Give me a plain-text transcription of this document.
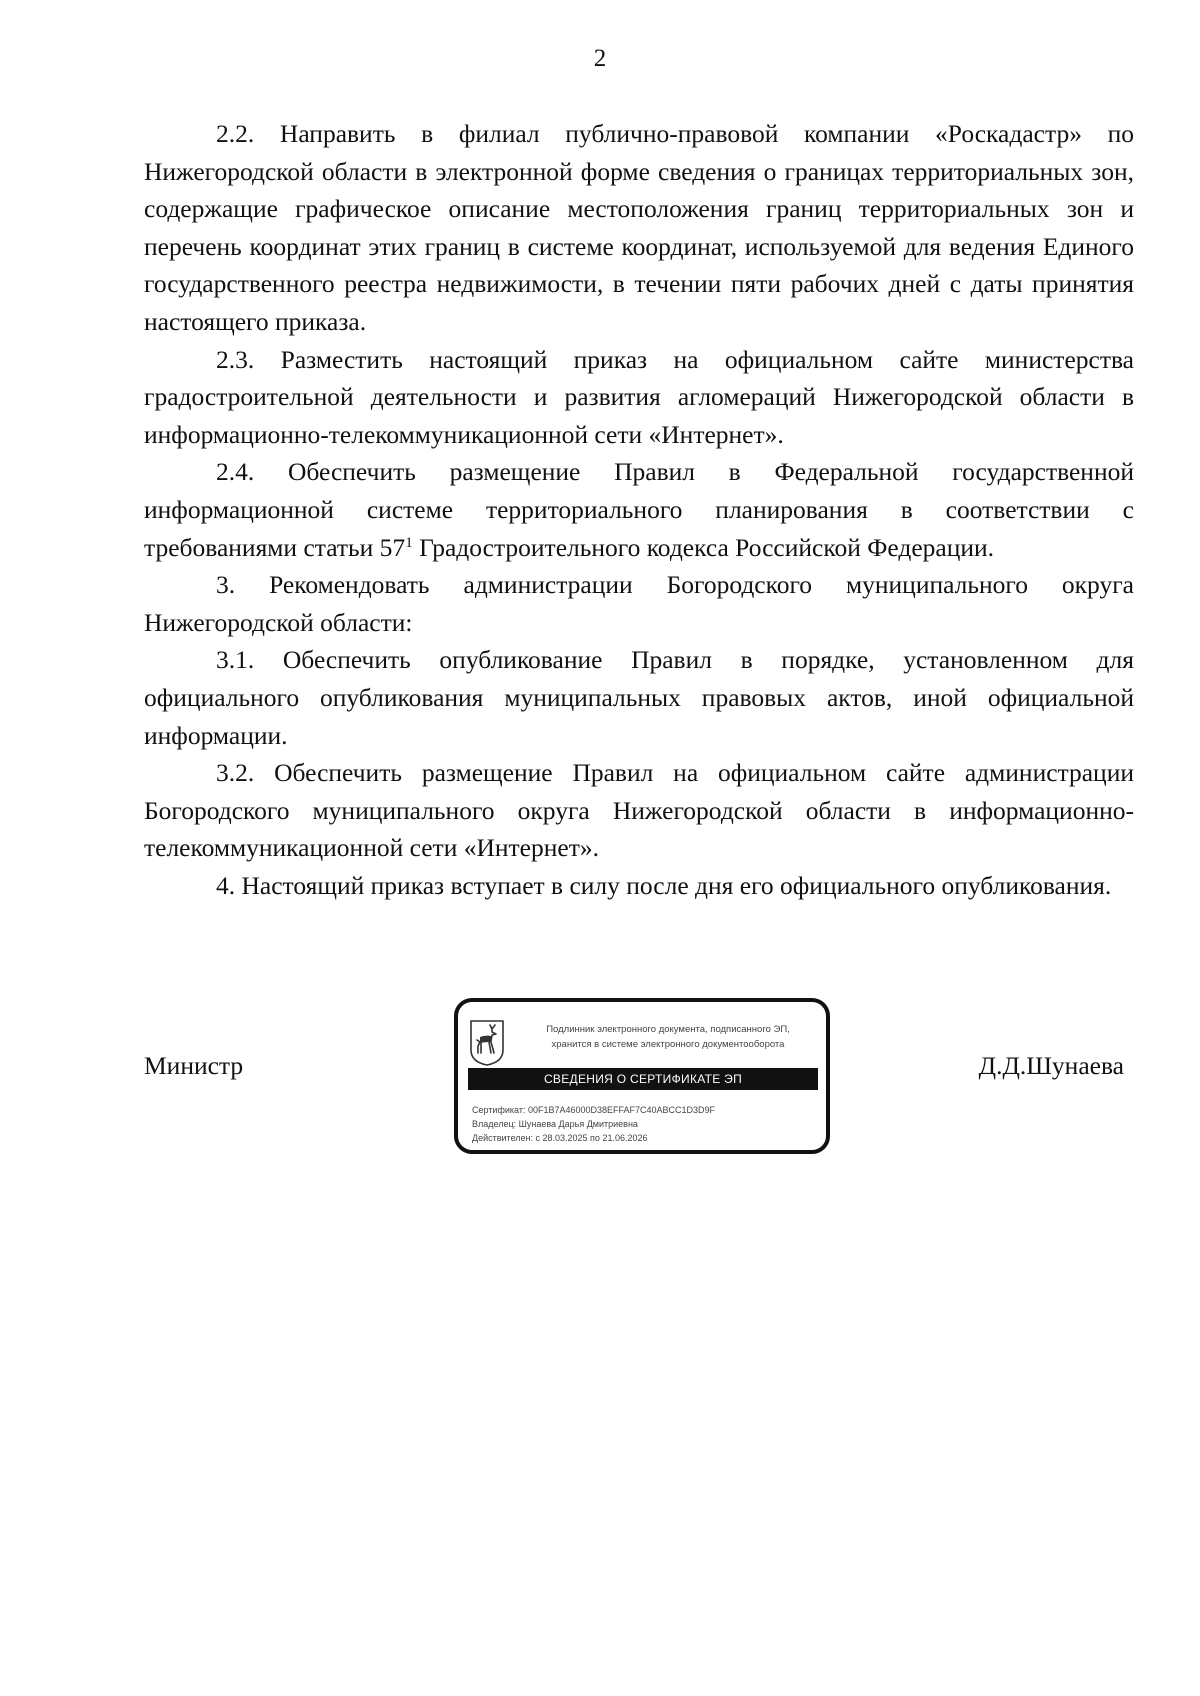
2

2.2. Направить в филиал публично-правовой компании «Роскадастр» по Нижегородской области в электронной форме сведения о границах территориальных зон, содержащие графическое описание местоположения границ территориальных зон и перечень координат этих границ в системе координат, используемой для ведения Единого государственного реестра недвижимости, в течении пяти рабочих дней с даты принятия настоящего приказа.

2.3. Разместить настоящий приказ на официальном сайте министерства градостроительной деятельности и развития агломераций Нижегородской области в информационно-телекоммуникационной сети «Интернет».

2.4. Обеспечить размещение Правил в Федеральной государственной информационной системе территориального планирования в соответствии с требованиями статьи $57^1$ Градостроительного кодекса Российской Федерации.

3. Рекомендовать администрации Богородского муниципального округа Нижегородской области:

3.1. Обеспечить опубликование Правил в порядке, установленном для официального опубликования муниципальных правовых актов, иной официальной информации.

3.2. Обеспечить размещение Правил на официальном сайте администрации Богородского муниципального округа Нижегородской области в информационно-телекоммуникационной сети «Интернет».

4. Настоящий приказ вступает в силу после дня его официального опубликования.

Министр
Подлинник электронного документа, подписанного ЭП,
хранится в системе электронного документооборота
СВЕДЕНИЯ О СЕРТИФИКАТЕ ЭП
Сертификат: 00F1B7A46000D38EFFAF7C40ABCC1D3D9F
Владелец: Шунаева Дарья Дмитриевна
Действителен: с 28.03.2025 по 21.06.2026
Д.Д.Шунаева
